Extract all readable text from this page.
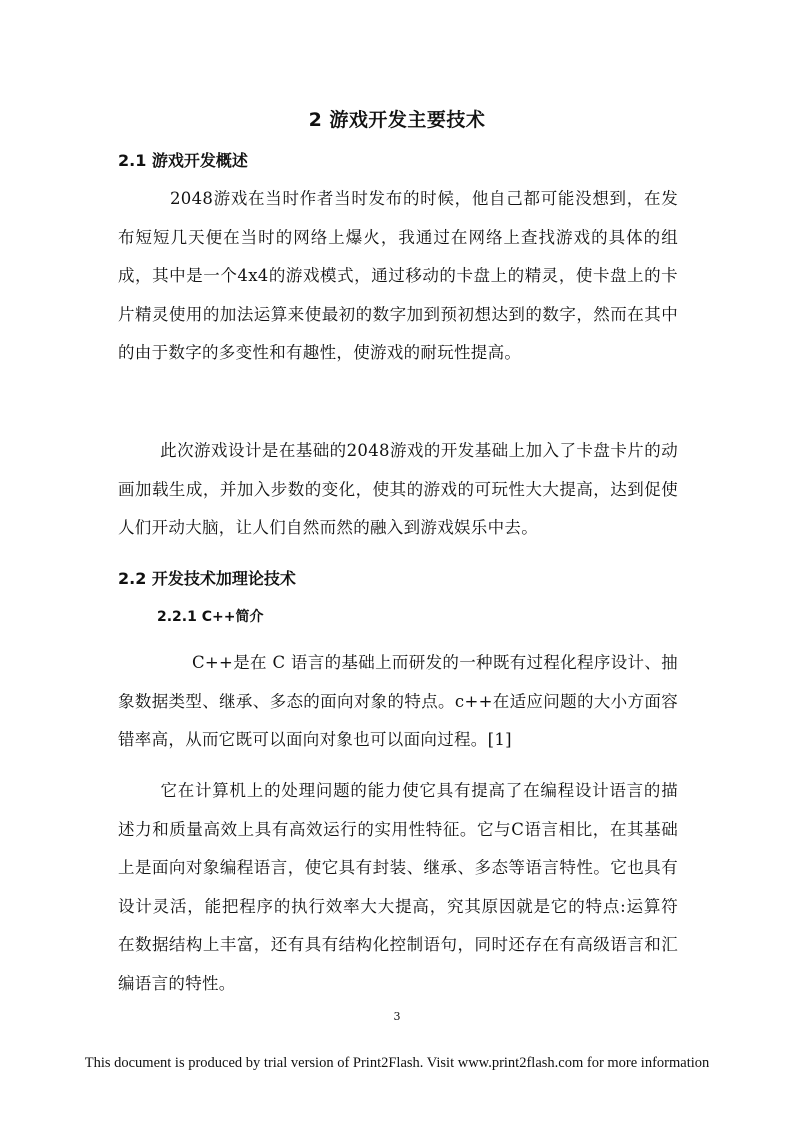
2 游戏开发主要技术
2.1 游戏开发概述

2048游戏在当时作者当时发布的时候，他自己都可能没想到，在发布短短几天便在当时的网络上爆火，我通过在网络上查找游戏的具体的组成，其中是一个4x4的游戏模式，通过移动的卡盘上的精灵，使卡盘上的卡片精灵使用的加法运算来使最初的数字加到预初想达到的数字，然而在其中的由于数字的多变性和有趣性，使游戏的耐玩性提高。

此次游戏设计是在基础的2048游戏的开发基础上加入了卡盘卡片的动画加载生成，并加入步数的变化，使其的游戏的可玩性大大提高，达到促使人们开动大脑，让人们自然而然的融入到游戏娱乐中去。

2.2 开发技术加理论技术
2.2.1 C++简介

C++是在 C 语言的基础上而研发的一种既有过程化程序设计、抽象数据类型、继承、多态的面向对象的特点。c++在适应问题的大小方面容错率高，从而它既可以面向对象也可以面向过程。[1]

它在计算机上的处理问题的能力使它具有提高了在编程设计语言的描述力和质量高效上具有高效运行的实用性特征。它与C语言相比，在其基础上是面向对象编程语言，使它具有封装、继承、多态等语言特性。它也具有设计灵活，能把程序的执行效率大大提高，究其原因就是它的特点:运算符在数据结构上丰富，还有具有结构化控制语句，同时还存在有高级语言和汇编语言的特性。

3
This document is produced by trial version of Print2Flash. Visit www.print2flash.com for more information
